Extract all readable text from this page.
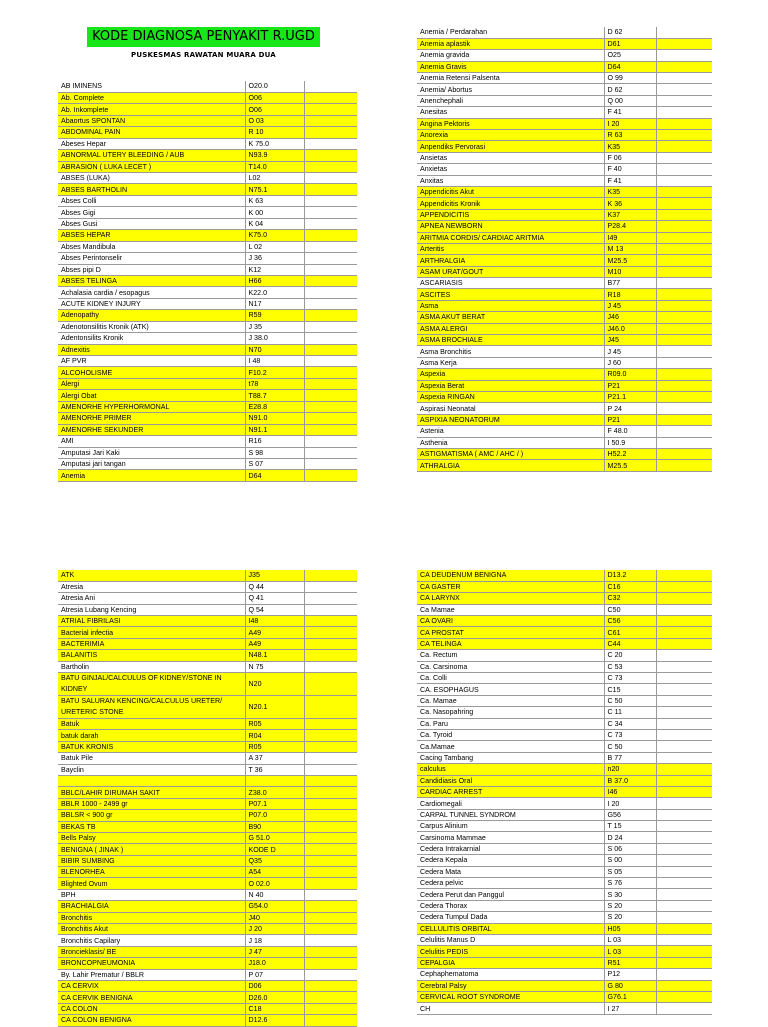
KODE DIAGNOSA PENYAKIT R.UGD
PUSKESMAS RAWATAN MUARA DUA
AB IMINENS	O20.0	
Ab. Complete	O06	
Ab. Inkomplete	O06	
Abaortus SPONTAN	O 03	
ABDOMINAL PAIN	R 10	
Abeses Hepar	K 75.0	
ABNORMAL UTERY BLEEDING / AUB	N93.9	
ABRASION ( LUKA LECET )	T14.0	
ABSES (LUKA)	L02	
ABSES BARTHOLIN	N75.1	
Abses Colli	K 63	
Abses Gigi	K 00	
Abses Gusi	K 04	
ABSES HEPAR	K75.0	
Abses Mandibula	L 02	
Abses Perintonselir	J 36	
Abses pipi D	K12	
ABSES TELINGA	H66	
Achalasia cardia / esopagus	K22.0	
ACUTE KIDNEY INJURY	N17	
Adenopathy	R59	
Adenotonsilitis Kronik (ATK)	J 35	
Adentonsilits Kronik	J 38.0	
Adnexitis	N70	
AF PVR	I 48	
ALCOHOLISME	F10.2	
Alergi	t78	
Alergi Obat	T88.7	
AMENORHE HYPERHORMONAL	E28.8	
AMENORHE PRIMER	N91.0	
AMENORHE SEKUNDER	N91.1	
AMI	R16	
Amputasi Jari Kaki	S 98	
Amputasi jari tangan	S 07	
Anemia	D64	
Anemia / Perdarahan	D 62	
Anemia aplastik	D61	
Anemia gravida	O25	
Anemia Gravis	D64	
Anemia Retensi Palsenta	O 99	
Anemia/ Abortus	D 62	
Anenchephali	Q 00	
Anesitas	F 41	
Angina Pektoris	I 20	
Anorexia	R 63	
Anpendiks Pervorasi	K35	
Ansietas	F 06	
Anxietas	F 40	
Anxitas	F 41	
Appendicitis Akut	K35	
Appendicitis Kronik	K 36	
APPENDICITIS	K37	
APNEA NEWBORN	P28.4	
ARITMIA CORDIS/ CARDIAC ARITMIA	I49	
Arteritis	M 13	
ARTHRALGIA	M25.5	
ASAM URAT/GOUT	M10	
ASCARIASIS	B77	
ASCITES	R18	
Asma	J 45	
ASMA AKUT BERAT	J46	
ASMA ALERGI	J46.0	
ASMA BROCHIALE	J45	
Asma Bronchitis	J 45	
Asma Kerja	J 60	
Aspexia	R09.0	
Aspexia Berat	P21	
Aspexia RINGAN	P21.1	
Aspirasi Neonatal	P 24	
ASPIXIA NEONATORUM	P21	
Astenia	F 48.0	
Asthenia	I 50.9	
ASTIGMATISMA ( AMC / AHC / )	H52.2	
ATHRALGIA	M25.5	
ATK	J35	
Atresia	Q 44	
Atresia Ani	Q 41	
Atresia Lubang Kencing	Q 54	
ATRIAL FIBRILASI	I48	
Bacterial infectia	A49	
BACTERIMIA	A49	
BALANITIS	N48.1	
Bartholin	N 75	
BATU GINJAL/CALCULUS OF KIDNEY/STONE IN KIDNEY	N20	
BATU SALURAN KENCING/CALCULUS URETER/ URETERIC STONE	N20.1	
Batuk	R05	
batuk darah	R04	
BATUK KRONIS	R05	
Batuk Pile	A 37	
Bayclin	T 36	

BBLC/LAHIR DIRUMAH SAKIT	Z38.0	
BBLR 1000 - 2499 gr	P07.1	
BBLSR < 900 gr	P07.0	
BEKAS TB	B90	
Bells Palsy	G 51.0	
BENIGNA ( JINAK )	KODE D	
BIBIR SUMBING	Q35	
BLENORHEA	A54	
Blighted Ovum	O 02.0	
BPH	N 40	
BRACHIALGIA	G54.0	
Bronchitis	J40	
Bronchitis Akut	J 20	
Bronchitis Capilary	J 18	
Broncieklasis/ BE	J 47	
BRONCOPNEUMONIA	J18.0	
By. Lahir Prematur / BBLR	P 07	
CA CERVIX	D06	
CA CERVIK BENIGNA	D26.0	
CA COLON	C18	
CA COLON BENIGNA	D12.6	
CA DEUDENUM BENIGNA	D13.2	
CA GASTER	C16	
CA LARYNX	C32	
Ca Mamae	C50	
CA OVARI	C56	
CA PROSTAT	C61	
CA TELINGA	C44	
Ca. Rectum	C 20	
Ca. Carsinoma	C 53	
Ca. Colli	C 73	
CA. ESOPHAGUS	C15	
Ca. Mamae	C 50	
Ca. Nasopahring	C 11	
Ca. Paru	C 34	
Ca. Tyroid	C 73	
Ca.Mamae	C 50	
Cacing Tambang	B 77	
calculus	n20	
Candidiasis Oral	B 37.0	
CARDIAC ARREST	I46	
Cardiomegali	I 20	
CARPAL TUNNEL SYNDROM	G56	
Carpus Alinium	T 15	
Carsinoma Mammae	D 24	
Cedera Intrakarnial	S 06	
Cedera Kepala	S 00	
Cedera Mata	S 05	
Cedera pelvic	S 76	
Cedera Perut dan Panggul	S 30	
Cedera Thorax	S 20	
Cedera Tumpul Dada	S 20	
CELLULITIS ORBITAL	H05	
Celulitis Manus D	L 03	
Celulitis PEDIS	L 03	
CEPALGIA	R51	
Cephaphematoma	P12	
Cerebral Palsy	G 80	
CERVICAL ROOT SYNDROME	G76.1	
CH	I 27	
